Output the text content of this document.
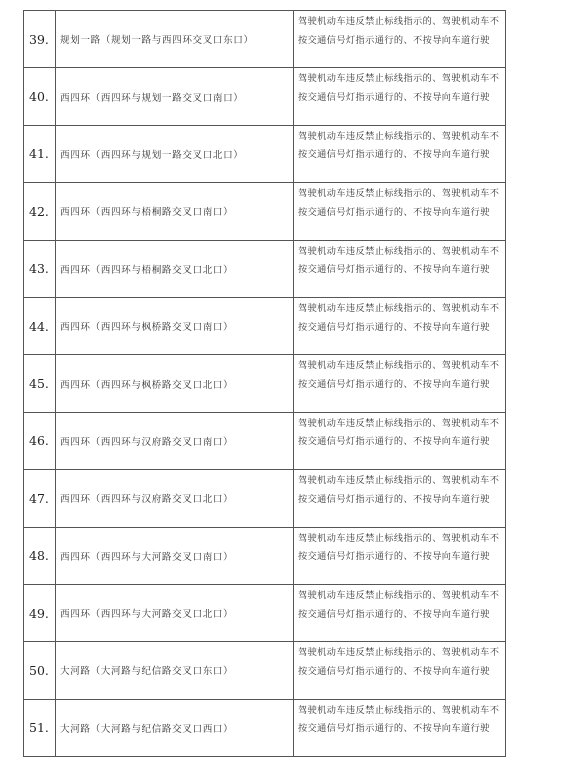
39.	规划一路（规划一路与西四环交叉口东口）	驾驶机动车违反禁止标线指示的、驾驶机动车不按交通信号灯指示通行的、不按导向车道行驶
40.	西四环（西四环与规划一路交叉口南口）	驾驶机动车违反禁止标线指示的、驾驶机动车不按交通信号灯指示通行的、不按导向车道行驶
41.	西四环（西四环与规划一路交叉口北口）	驾驶机动车违反禁止标线指示的、驾驶机动车不按交通信号灯指示通行的、不按导向车道行驶
42.	西四环（西四环与梧桐路交叉口南口）	驾驶机动车违反禁止标线指示的、驾驶机动车不按交通信号灯指示通行的、不按导向车道行驶
43.	西四环（西四环与梧桐路交叉口北口）	驾驶机动车违反禁止标线指示的、驾驶机动车不按交通信号灯指示通行的、不按导向车道行驶
44.	西四环（西四环与枫桥路交叉口南口）	驾驶机动车违反禁止标线指示的、驾驶机动车不按交通信号灯指示通行的、不按导向车道行驶
45.	西四环（西四环与枫桥路交叉口北口）	驾驶机动车违反禁止标线指示的、驾驶机动车不按交通信号灯指示通行的、不按导向车道行驶
46.	西四环（西四环与汉府路交叉口南口）	驾驶机动车违反禁止标线指示的、驾驶机动车不按交通信号灯指示通行的、不按导向车道行驶
47.	西四环（西四环与汉府路交叉口北口）	驾驶机动车违反禁止标线指示的、驾驶机动车不按交通信号灯指示通行的、不按导向车道行驶
48.	西四环（西四环与大河路交叉口南口）	驾驶机动车违反禁止标线指示的、驾驶机动车不按交通信号灯指示通行的、不按导向车道行驶
49.	西四环（西四环与大河路交叉口北口）	驾驶机动车违反禁止标线指示的、驾驶机动车不按交通信号灯指示通行的、不按导向车道行驶
50.	大河路（大河路与纪信路交叉口东口）	驾驶机动车违反禁止标线指示的、驾驶机动车不按交通信号灯指示通行的、不按导向车道行驶
51.	大河路（大河路与纪信路交叉口西口）	驾驶机动车违反禁止标线指示的、驾驶机动车不按交通信号灯指示通行的、不按导向车道行驶
